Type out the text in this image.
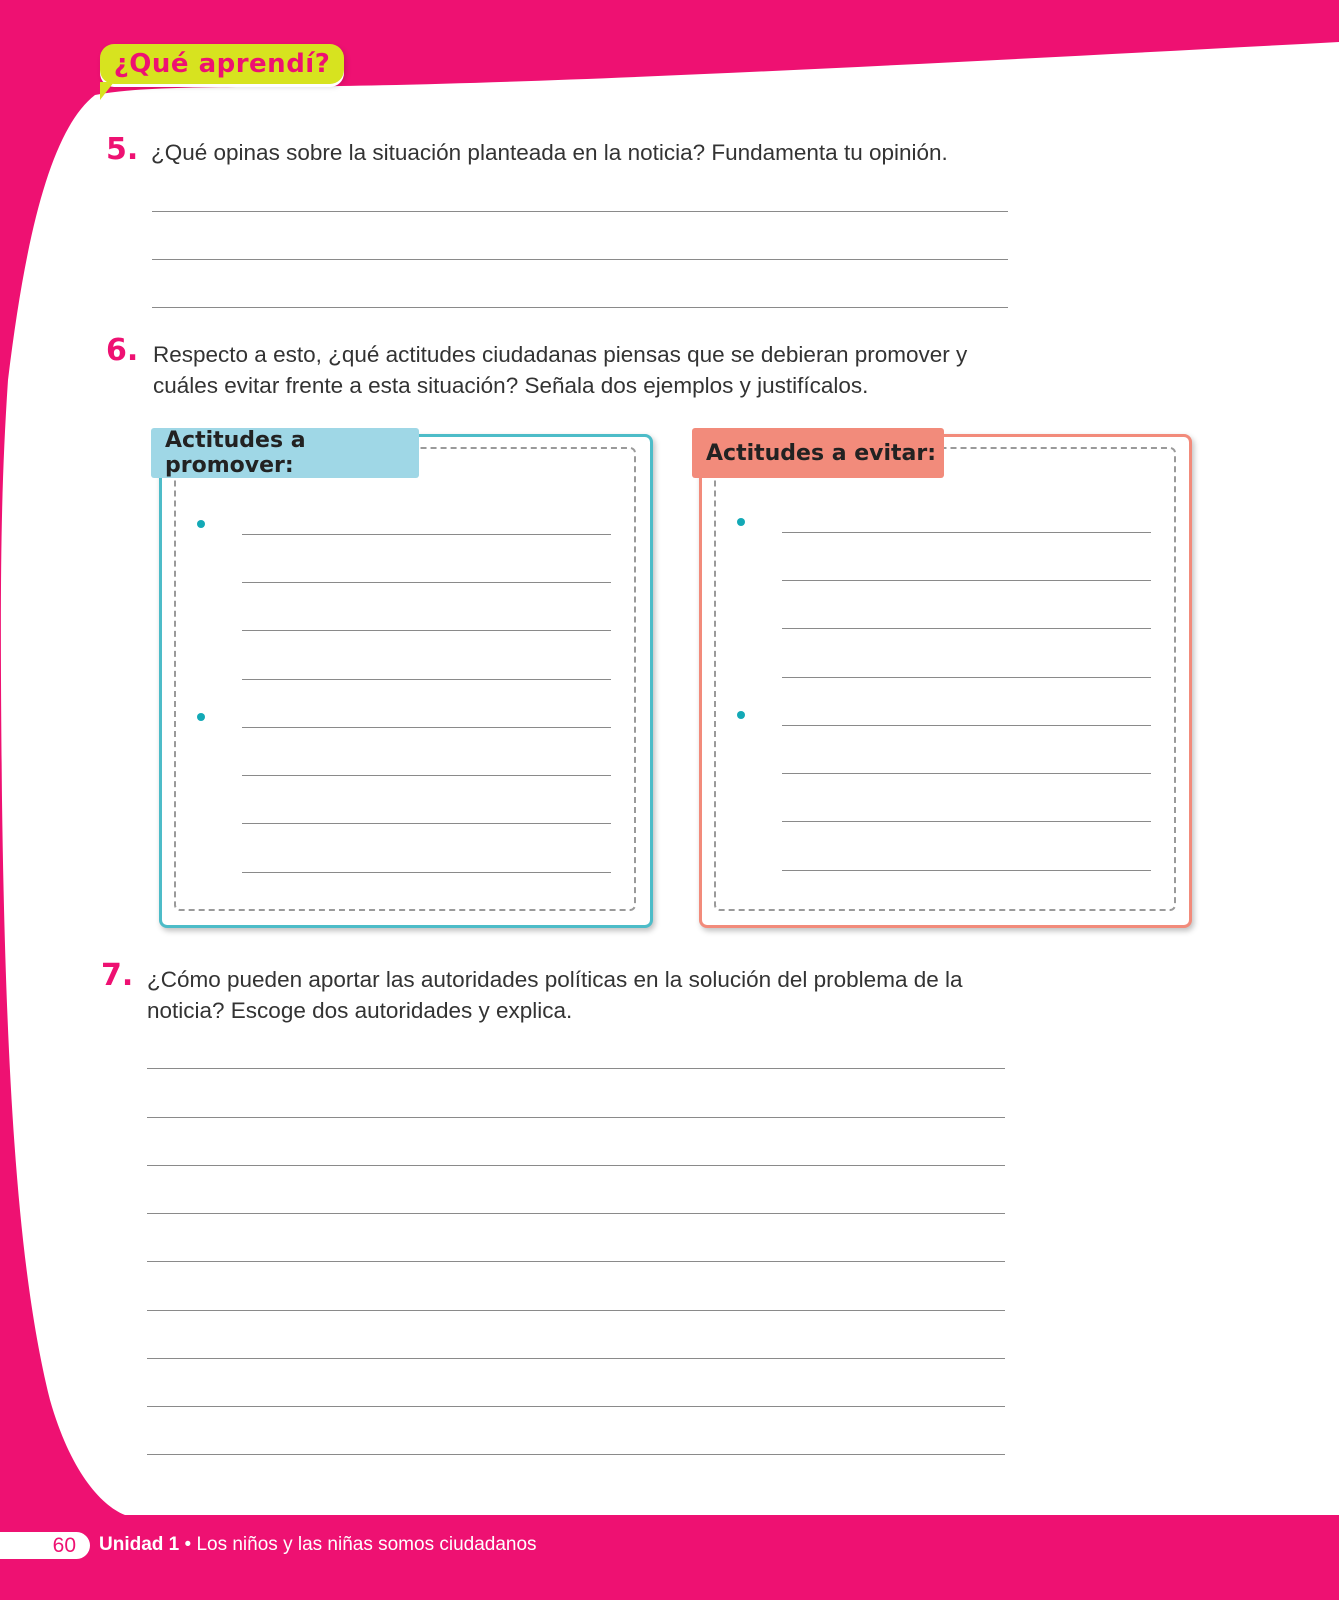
¿Qué aprendí?
5. ¿Qué opinas sobre la situación planteada en la noticia? Fundamenta tu opinión.
6. Respecto a esto, ¿qué actitudes ciudadanas piensas que se debieran promover y
cuáles evitar frente a esta situación? Señala dos ejemplos y justifícalos.
Actitudes a promover:	Actitudes a evitar:
7. ¿Cómo pueden aportar las autoridades políticas en la solución del problema de la
noticia? Escoge dos autoridades y explica.
60 Unidad 1 • Los niños y las niñas somos ciudadanos
